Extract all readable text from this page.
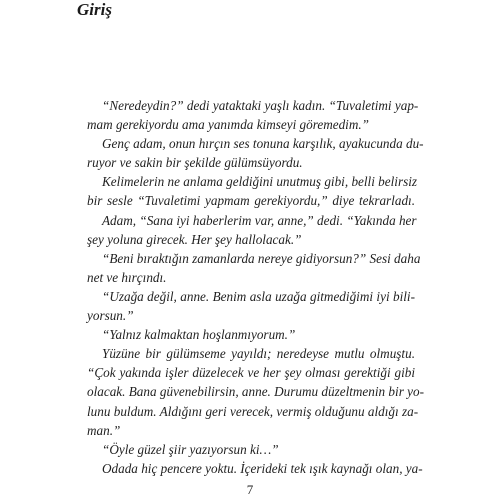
Giriş
“Neredeydin?” dedi yataktaki yaşlı kadın. “Tuvaletimi yap-
mam gerekiyordu ama yanımda kimseyi göremedim.”
Genç adam, onun hırçın ses tonuna karşılık, ayakucunda du-
ruyor ve sakin bir şekilde gülümsüyordu.
Kelimelerin ne anlama geldiğini unutmuş gibi, belli belirsiz
bir sesle “Tuvaletimi yapmam gerekiyordu,” diye tekrarladı.
Adam, “Sana iyi haberlerim var, anne,” dedi. “Yakında her
şey yoluna girecek. Her şey hallolacak.”
“Beni bıraktığın zamanlarda nereye gidiyorsun?” Sesi daha
net ve hırçındı.
“Uzağa değil, anne. Benim asla uzağa gitmediğimi iyi bili-
yorsun.”
“Yalnız kalmaktan hoşlanmıyorum.”
Yüzüne bir gülümseme yayıldı; neredeyse mutlu olmuştu.
“Çok yakında işler düzelecek ve her şey olması gerektiği gibi
olacak. Bana güvenebilirsin, anne. Durumu düzeltmenin bir yo-
lunu buldum. Aldığını geri verecek, vermiş olduğunu aldığı za-
man.”
“Öyle güzel şiir yazıyorsun ki…”
Odada hiç pencere yoktu. İçerideki tek ışık kaynağı olan, ya-
7
